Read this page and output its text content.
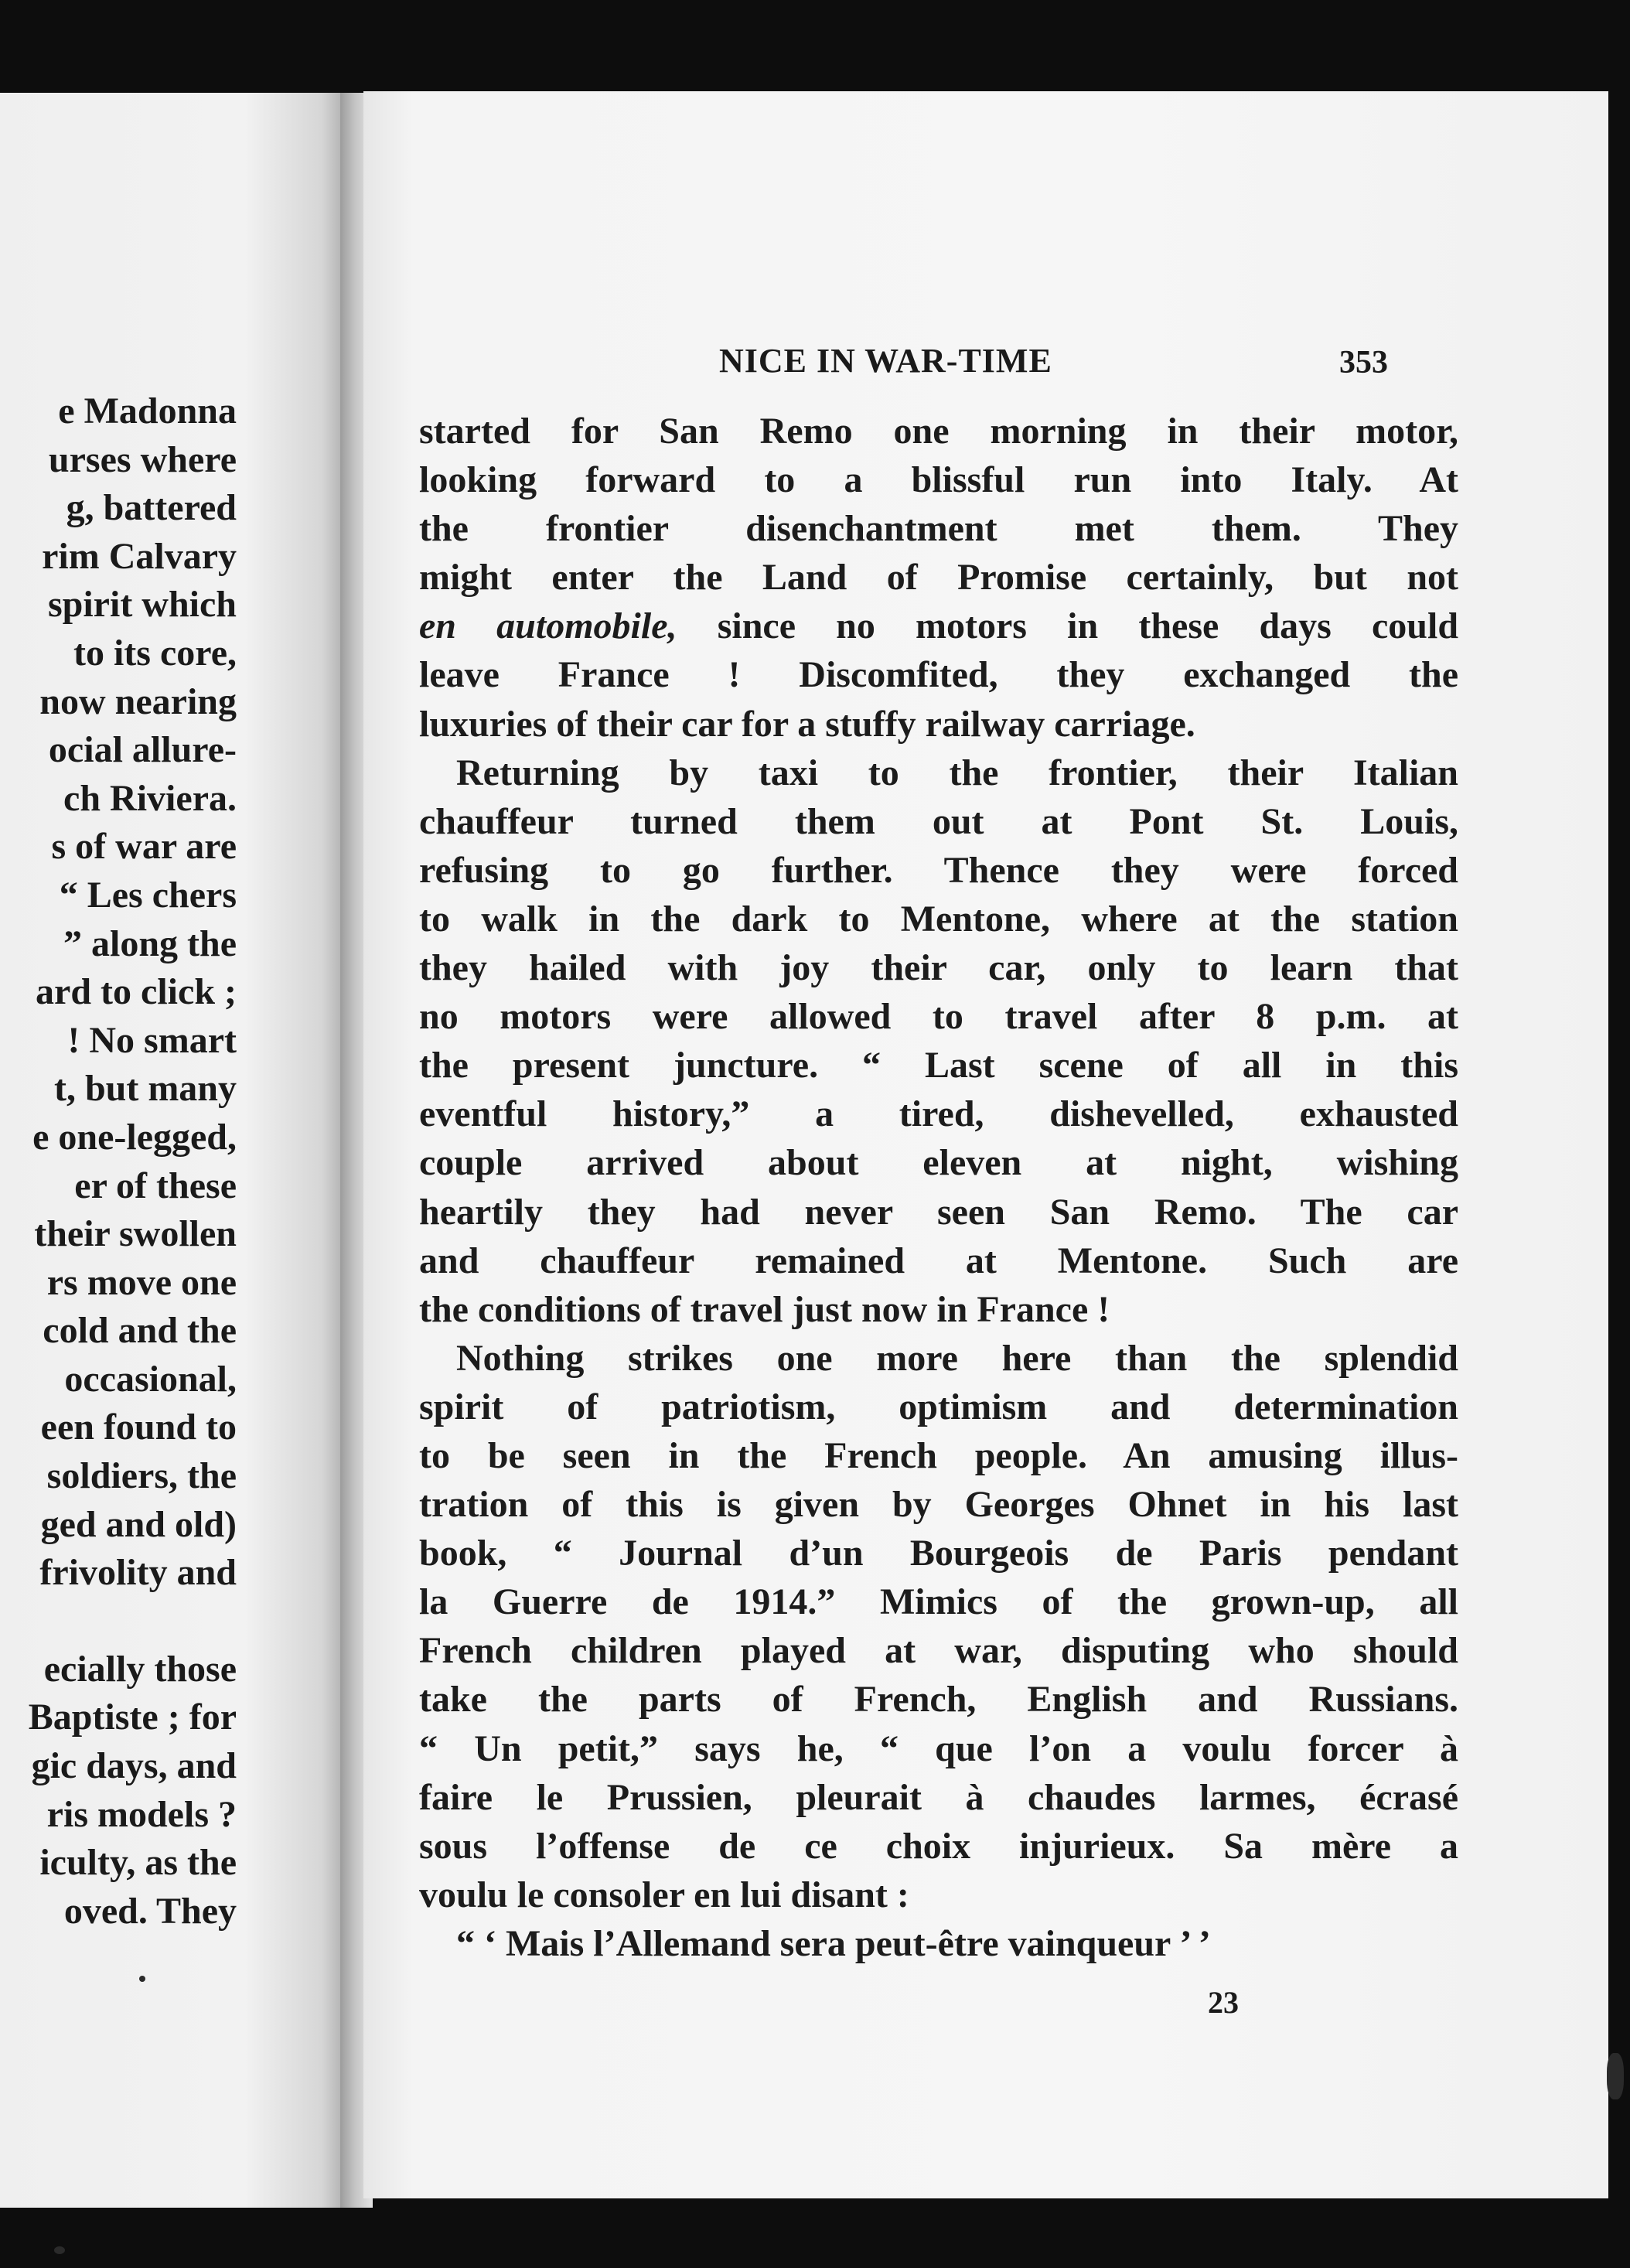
e Madonna
urses where
g, battered
rim Calvary
spirit which
to its core,
now nearing
ocial allure-
ch Riviera.
s of war are
“ Les chers
” along the
ard to click ;
! No smart
t, but many
e one-legged,
er of these
their swollen
rs move one
cold and the
occasional,
een found to
soldiers, the
ged and old)
frivolity and
ecially those
Baptiste ; for
gic days, and
ris models ?
iculty, as the
oved. They
NICE IN WAR-TIME	353

started for San Remo one morning in their motor,
looking forward to a blissful run into Italy. At
the frontier disenchantment met them. They
might enter the Land of Promise certainly, but not
en automobile, since no motors in these days could
leave France ! Discomfited, they exchanged the
luxuries of their car for a stuffy railway carriage.

Returning by taxi to the frontier, their Italian
chauffeur turned them out at Pont St. Louis,
refusing to go further. Thence they were forced
to walk in the dark to Mentone, where at the station
they hailed with joy their car, only to learn that
no motors were allowed to travel after 8 p.m. at
the present juncture. “ Last scene of all in this
eventful history,” a tired, dishevelled, exhausted
couple arrived about eleven at night, wishing
heartily they had never seen San Remo. The car
and chauffeur remained at Mentone. Such are
the conditions of travel just now in France !

Nothing strikes one more here than the splendid
spirit of patriotism, optimism and determination
to be seen in the French people. An amusing illus-
tration of this is given by Georges Ohnet in his last
book, “ Journal d’un Bourgeois de Paris pendant
la Guerre de 1914.” Mimics of the grown-up, all
French children played at war, disputing who should
take the parts of French, English and Russians.
“ Un petit,” says he, “ que l’on a voulu forcer à
faire le Prussien, pleurait à chaudes larmes, écrasé
sous l’offense de ce choix injurieux. Sa mère a
voulu le consoler en lui disant :

“ ‘ Mais l’Allemand sera peut-être vainqueur ’ ’

23
